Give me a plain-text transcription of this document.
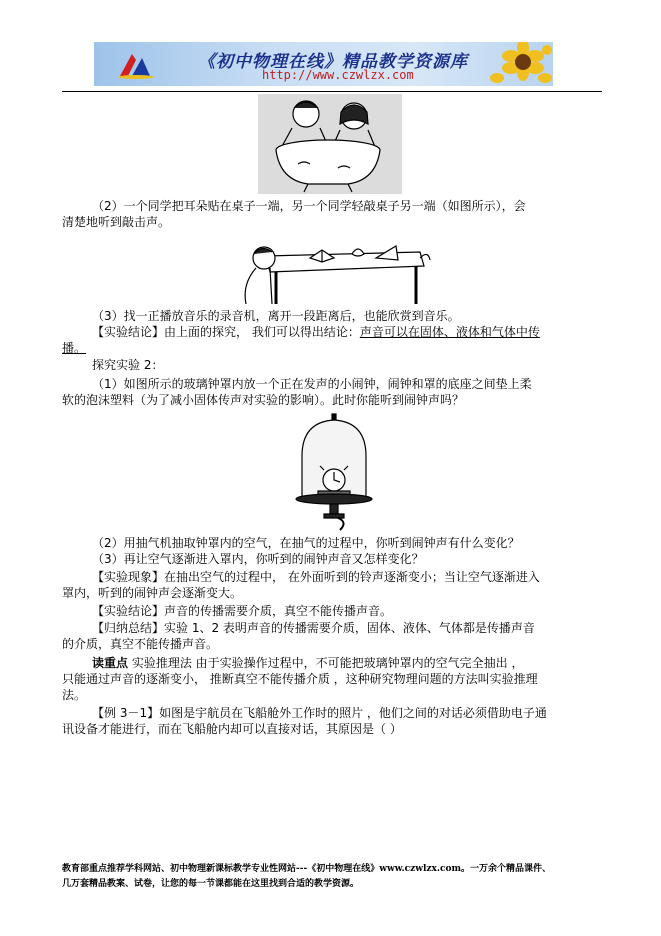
《初中物理在线》精品教学资源库
http://www.czwlzx.com
（2）一个同学把耳朵贴在桌子一端，另一个同学轻敲桌子另一端（如图所示），会
清楚地听到敲击声。
（3）找一正播放音乐的录音机，离开一段距离后，也能欣赏到音乐。
【实验结论】由上面的探究， 我们可以得出结论：声音可以在固体、液体和气体中传
播。
探究实验 2：
（1）如图所示的玻璃钟罩内放一个正在发声的小闹钟，闹钟和罩的底座之间垫上柔
软的泡沫塑料（为了减小固体传声对实验的影响）。此时你能听到闹钟声吗？
（2）用抽气机抽取钟罩内的空气，在抽气的过程中，你听到闹钟声有什么变化？
（3）再让空气逐渐进入罩内，你听到的闹钟声音又怎样变化？
【实验现象】在抽出空气的过程中， 在外面听到的铃声逐渐变小；当让空气逐渐进入
罩内，听到的闹钟声会逐渐变大。
【实验结论】声音的传播需要介质，真空不能传播声音。
【归纳总结】实验 1、2 表明声音的传播需要介质，固体、液体、气体都是传播声音
的介质，真空不能传播声音。
读重点 实验推理法 由于实验操作过程中，不可能把玻璃钟罩内的空气完全抽出 ，
只能通过声音的逐渐变小， 推断真空不能传播介质 ，这种研究物理问题的方法叫实验推理
法。
【例 3－1】如图是宇航员在飞船舱外工作时的照片 ，他们之间的对话必须借助电子通
讯设备才能进行，而在飞船舱内却可以直接对话，其原因是（ ）
教育部重点推荐学科网站、初中物理新课标教学专业性网站---《初中物理在线》www.czwlzx.com。一万余个精品课件、
几万套精品教案、试卷，让您的每一节课都能在这里找到合适的教学资源。
